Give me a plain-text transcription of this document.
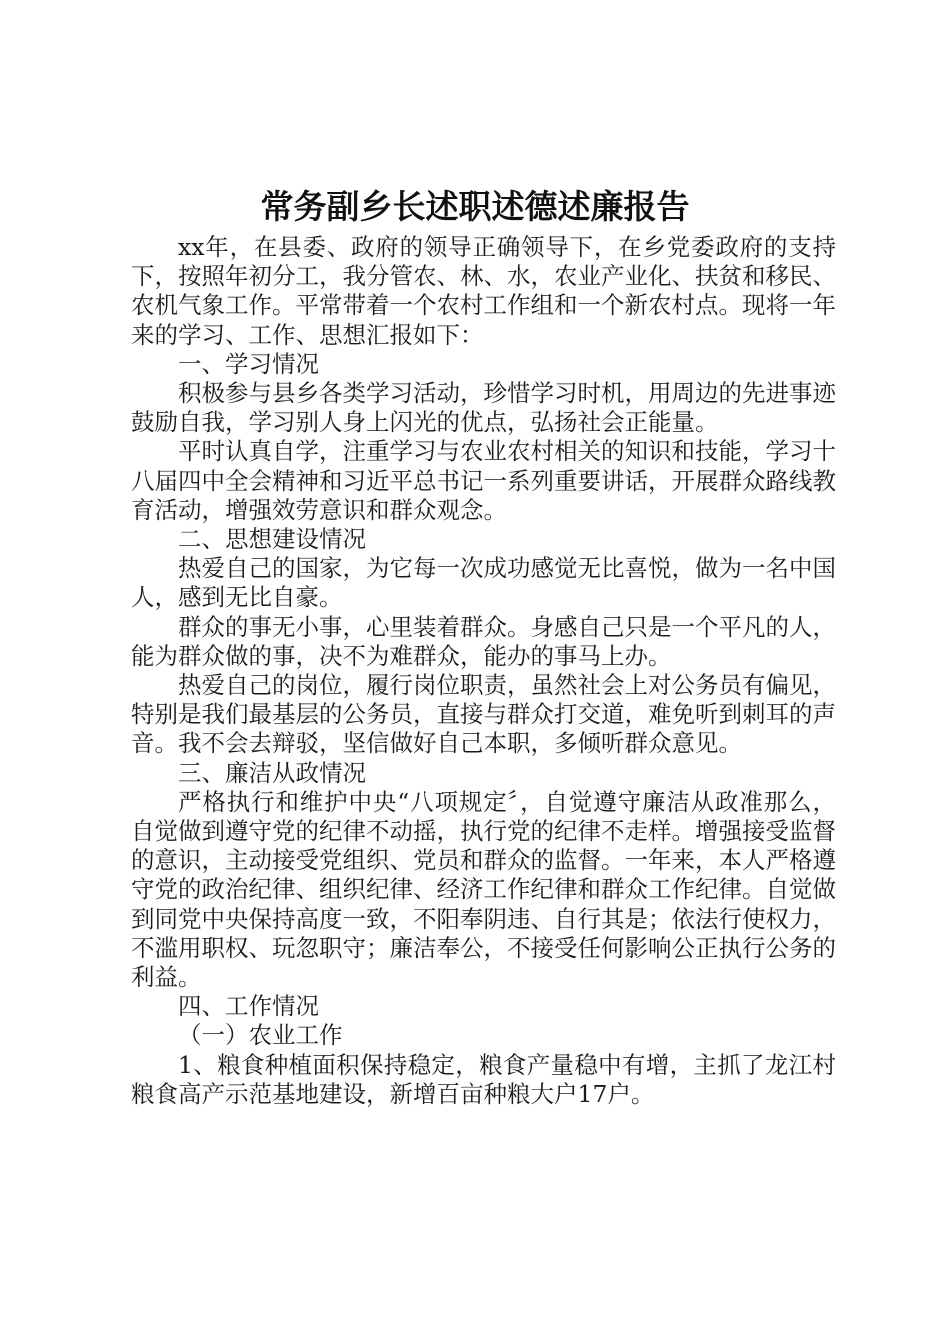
常务副乡长述职述德述廉报告

xx年，在县委、政府的领导正确领导下，在乡党委政府的支持下，按照年初分工，我分管农、林、水，农业产业化、扶贫和移民、农机气象工作。平常带着一个农村工作组和一个新农村点。现将一年来的学习、工作、思想汇报如下：

一、学习情况

积极参与县乡各类学习活动，珍惜学习时机，用周边的先进事迹鼓励自我，学习别人身上闪光的优点，弘扬社会正能量。

平时认真自学，注重学习与农业农村相关的知识和技能，学习十八届四中全会精神和习近平总书记一系列重要讲话，开展群众路线教育活动，增强效劳意识和群众观念。

二、思想建设情况

热爱自己的国家，为它每一次成功感觉无比喜悦，做为一名中国人，感到无比自豪。

群众的事无小事，心里装着群众。身感自己只是一个平凡的人，能为群众做的事，决不为难群众，能办的事马上办。

热爱自己的岗位，履行岗位职责，虽然社会上对公务员有偏见，特别是我们最基层的公务员，直接与群众打交道，难免听到刺耳的声音。我不会去辩驳，坚信做好自己本职，多倾听群众意见。

三、廉洁从政情况

严格执行和维护中央“八项规定〞，自觉遵守廉洁从政准那么，自觉做到遵守党的纪律不动摇，执行党的纪律不走样。增强接受监督的意识，主动接受党组织、党员和群众的监督。一年来，本人严格遵守党的政治纪律、组织纪律、经济工作纪律和群众工作纪律。自觉做到同党中央保持高度一致，不阳奉阴违、自行其是；依法行使权力，不滥用职权、玩忽职守；廉洁奉公，不接受任何影响公正执行公务的利益。

四、工作情况

（一）农业工作

1、粮食种植面积保持稳定，粮食产量稳中有增，主抓了龙江村粮食高产示范基地建设，新增百亩种粮大户17户。
